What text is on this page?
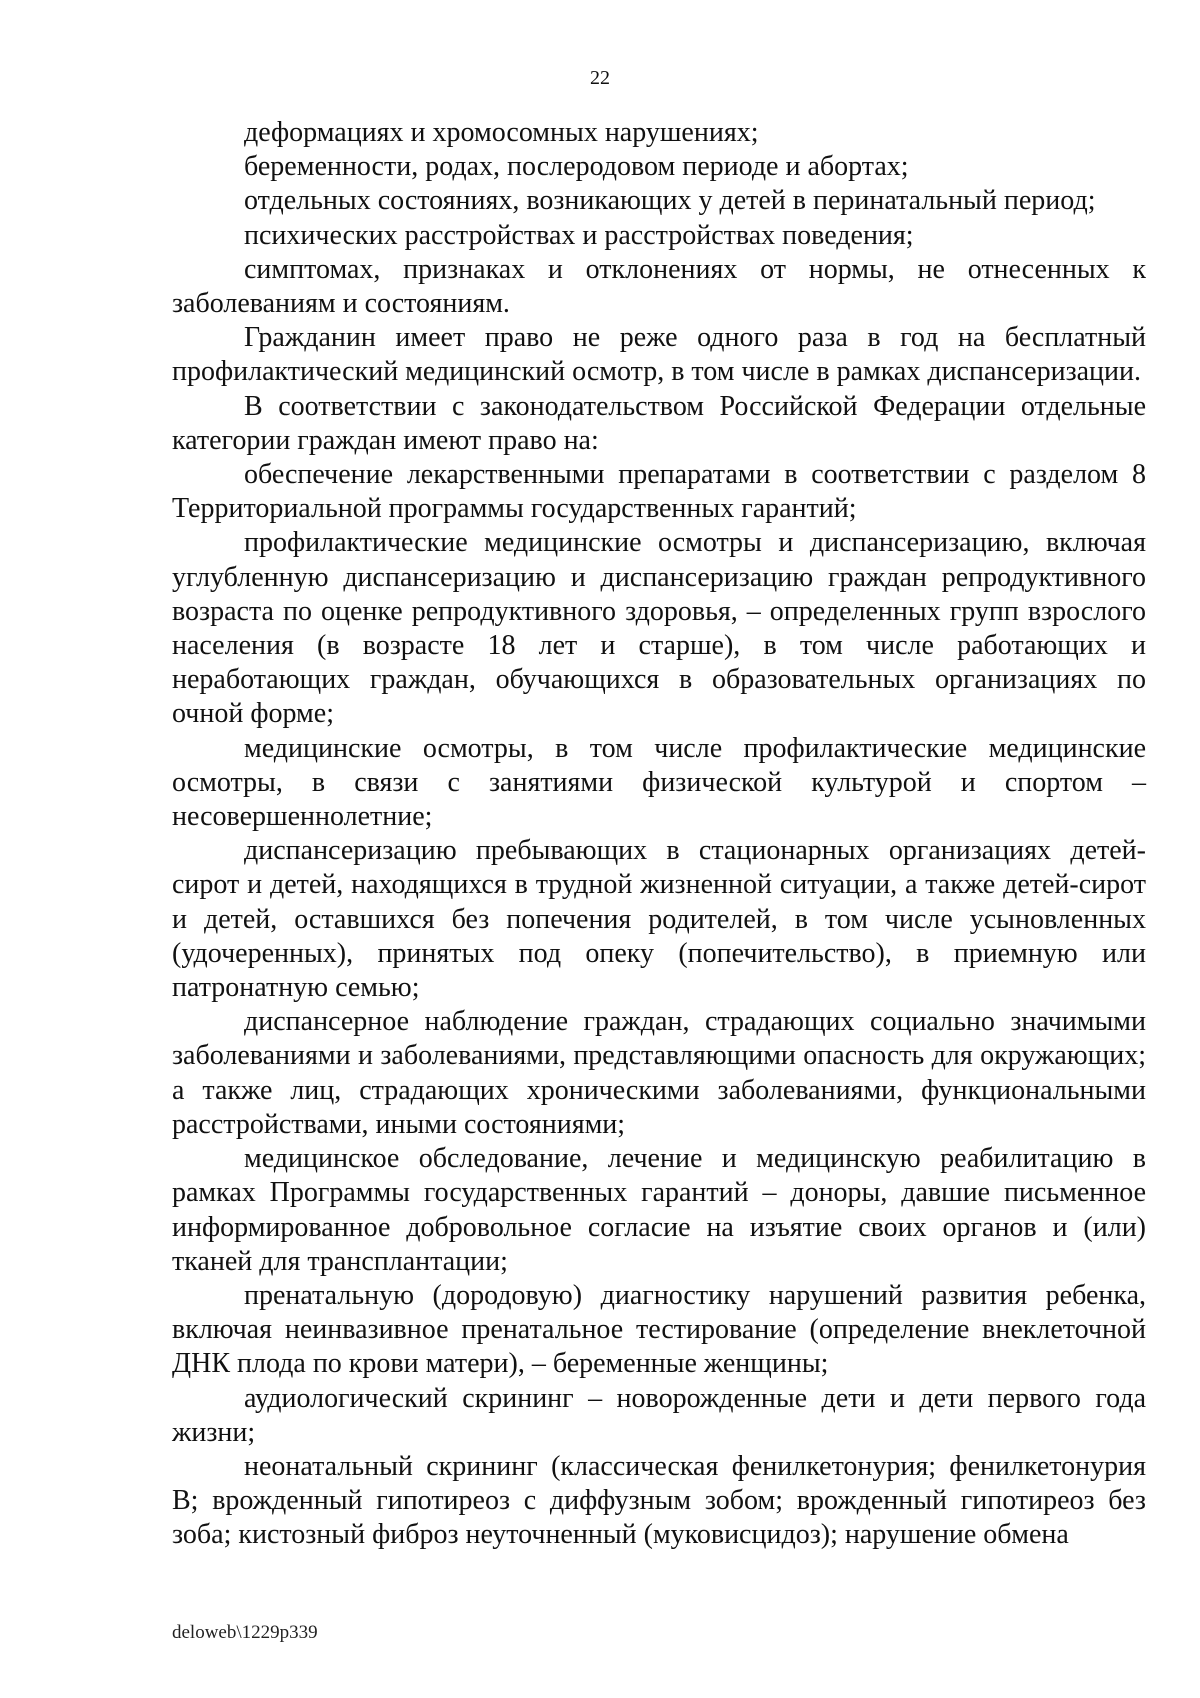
22

деформациях и хромосомных нарушениях;

беременности, родах, послеродовом периоде и абортах;

отдельных состояниях, возникающих у детей в перинатальный период;

психических расстройствах и расстройствах поведения;

симптомах, признаках и отклонениях от нормы, не отнесенных к заболеваниям и состояниям.

Гражданин имеет право не реже одного раза в год на бесплатный профилактический медицинский осмотр, в том числе в рамках диспансеризации.

В соответствии с законодательством Российской Федерации отдельные категории граждан имеют право на:

обеспечение лекарственными препаратами в соответствии с разделом 8 Территориальной программы государственных гарантий;

профилактические медицинские осмотры и диспансеризацию, включая углубленную диспансеризацию и диспансеризацию граждан репродуктивного возраста по оценке репродуктивного здоровья, – определенных групп взрослого населения (в возрасте 18 лет и старше), в том числе работающих и неработающих граждан, обучающихся в образовательных организациях по очной форме;

медицинские осмотры, в том числе профилактические медицинские осмотры, в связи с занятиями физической культурой и спортом – несовершеннолетние;

диспансеризацию пребывающих в стационарных организациях детей-сирот и детей, находящихся в трудной жизненной ситуации, а также детей-сирот и детей, оставшихся без попечения родителей, в том числе усыновленных (удочеренных), принятых под опеку (попечительство), в приемную или патронатную семью;

диспансерное наблюдение граждан, страдающих социально значимыми заболеваниями и заболеваниями, представляющими опасность для окружающих; а также лиц, страдающих хроническими заболеваниями, функциональными расстройствами, иными состояниями;

медицинское обследование, лечение и медицинскую реабилитацию в рамках Программы государственных гарантий – доноры, давшие письменное информированное добровольное согласие на изъятие своих органов и (или) тканей для трансплантации;

пренатальную (дородовую) диагностику нарушений развития ребенка, включая неинвазивное пренатальное тестирование (определение внеклеточной ДНК плода по крови матери), – беременные женщины;

аудиологический скрининг – новорожденные дети и дети первого года жизни;

неонатальный скрининг (классическая фенилкетонурия; фенилкетонурия B; врожденный гипотиреоз с диффузным зобом; врожденный гипотиреоз без зоба; кистозный фиброз неуточненный (муковисцидоз); нарушение обмена

deloweb\1229p339
